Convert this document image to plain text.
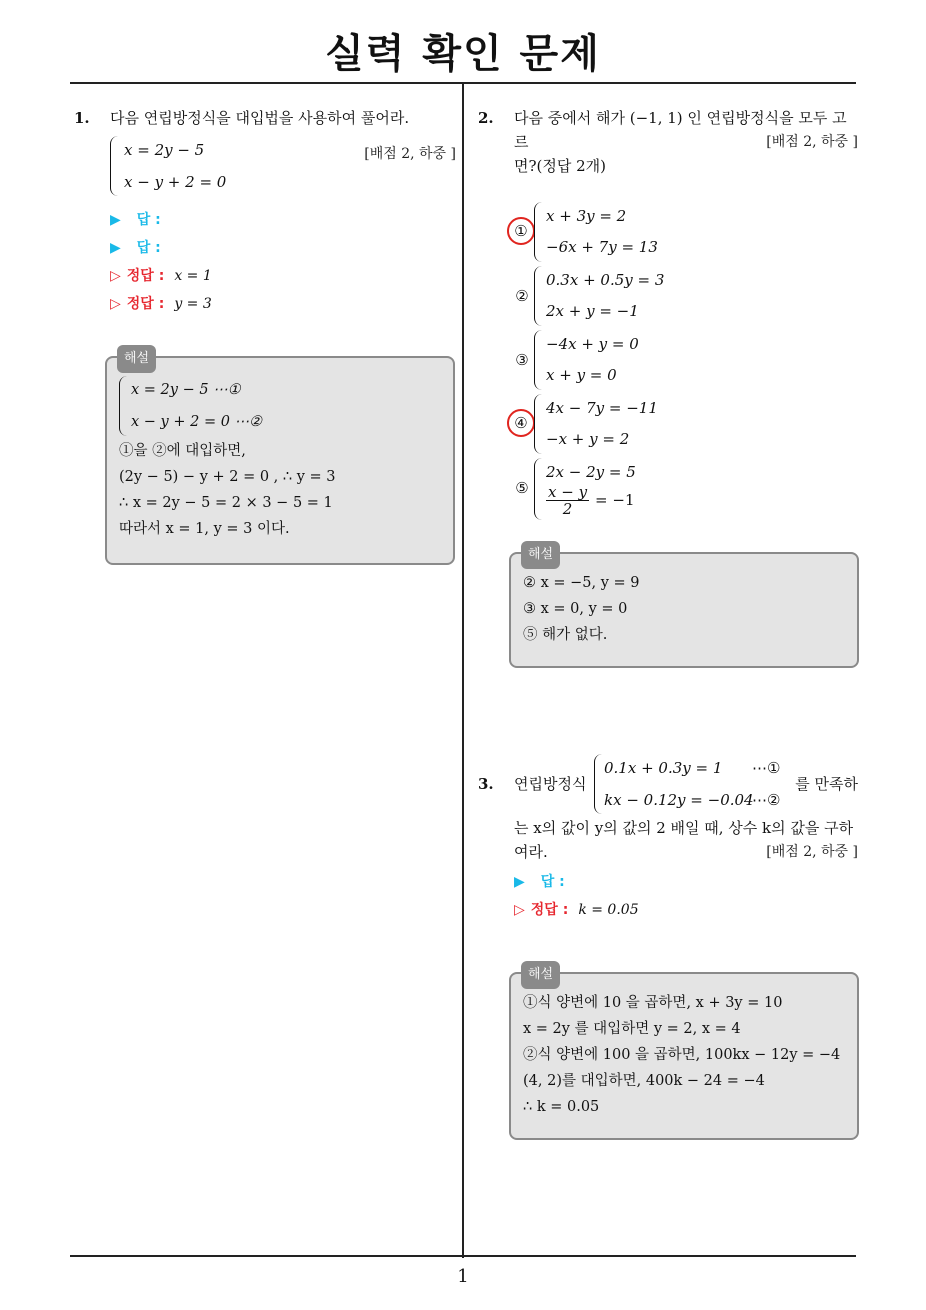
실력 확인 문제
1
1. 다음 연립방정식을 대입법을 사용하여 풀어라.
x = 2y − 5
x − y + 2 = 0
[배점 2, 하중 ]
▶ 답 :
▶ 답 :
▷ 정답 : x = 1
▷ 정답 : y = 3
해설
x = 2y − 5 ⋯①
x − y + 2 = 0 ⋯②
①을 ②에 대입하면,
(2y − 5) − y + 2 = 0 , ∴ y = 3
∴ x = 2y − 5 = 2 × 3 − 5 = 1
따라서 x = 1, y = 3 이다.
2. 다음 중에서 해가 (−1, 1) 인 연립방정식을 모두 고르
면?(정답 2개)
[배점 2, 하중 ]
①
x + 3y = 2
−6x + 7y = 13
②
0.3x + 0.5y = 3
2x + y = −1
③
−4x + y = 0
x + y = 0
④
4x − 7y = −11
−x + y = 2
⑤
2x − 2y = 5
$\frac{x - y}{2} = -1$
해설
② x = −5, y = 9
③ x = 0, y = 0
⑤ 해가 없다.
3. 연립방정식
0.1x + 0.3y = 1 ⋯①
kx − 0.12y = −0.04
⋯②
를 만족하
는 x의 값이 y의 값의 2 배일 때, 상수 k의 값을 구하
여라.	[배점 2, 하중 ]
▶ 답 :
▷ 정답 : k = 0.05
해설
①식 양변에 10 을 곱하면, x + 3y = 10
x = 2y 를 대입하면 y = 2, x = 4
②식 양변에 100 을 곱하면, 100kx − 12y = −4
(4, 2)를 대입하면, 400k − 24 = −4
∴ k = 0.05
